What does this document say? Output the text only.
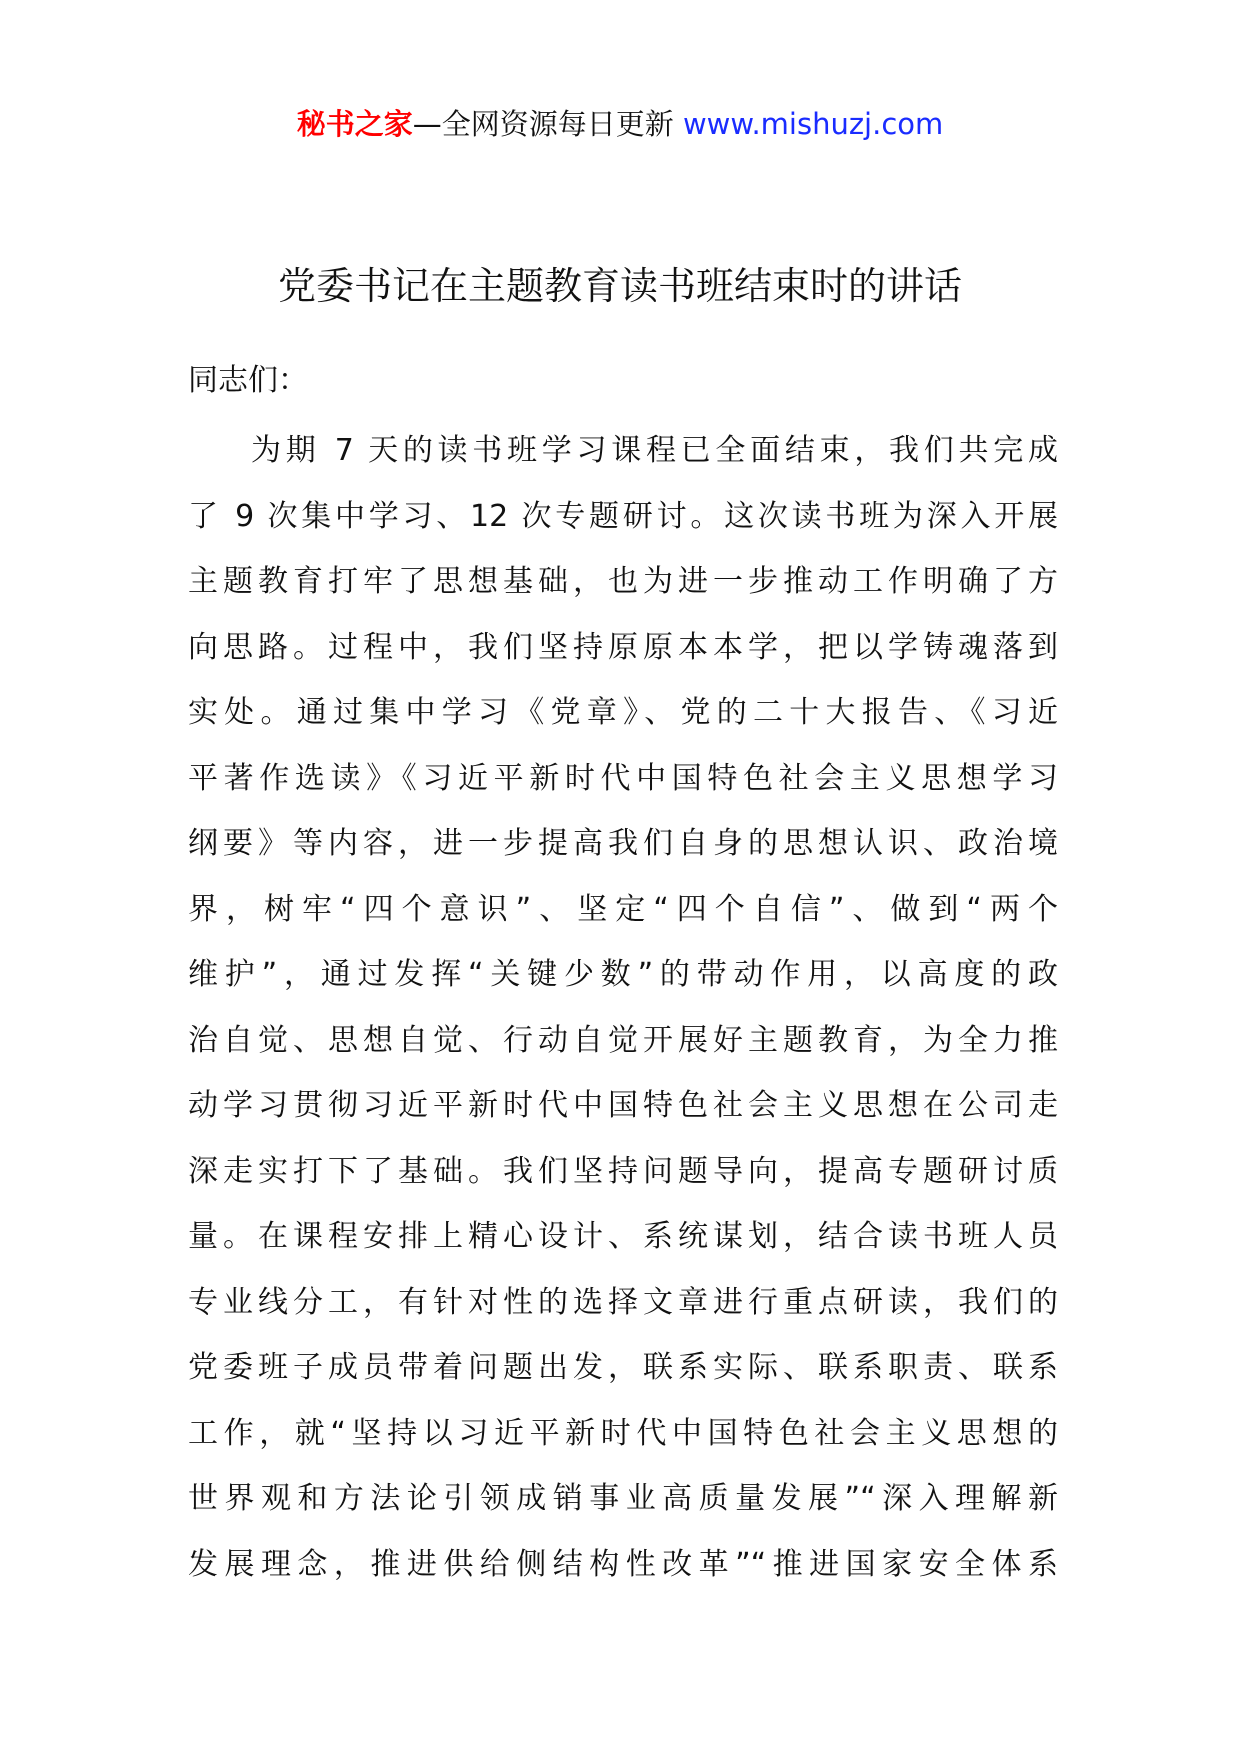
秘书之家—全网资源每日更新 www.mishuzj.com
党委书记在主题教育读书班结束时的讲话
同志们：
为期 7 天的读书班学习课程已全面结束，我们共完成
了 9 次集中学习、12 次专题研讨。这次读书班为深入开展
主题教育打牢了思想基础，也为进一步推动工作明确了方
向思路。过程中，我们坚持原原本本学，把以学铸魂落到
实处。通过集中学习《党章》、党的二十大报告、《习近
平著作选读》《习近平新时代中国特色社会主义思想学习
纲要》等内容，进一步提高我们自身的思想认识、政治境
界，树牢“四个意识”、坚定“四个自信”、做到“两个
维护”，通过发挥“关键少数”的带动作用，以高度的政
治自觉、思想自觉、行动自觉开展好主题教育，为全力推
动学习贯彻习近平新时代中国特色社会主义思想在公司走
深走实打下了基础。我们坚持问题导向，提高专题研讨质
量。在课程安排上精心设计、系统谋划，结合读书班人员
专业线分工，有针对性的选择文章进行重点研读，我们的
党委班子成员带着问题出发，联系实际、联系职责、联系
工作，就“坚持以习近平新时代中国特色社会主义思想的
世界观和方法论引领成销事业高质量发展”“深入理解新
发展理念，推进供给侧结构性改革”“推进国家安全体系
